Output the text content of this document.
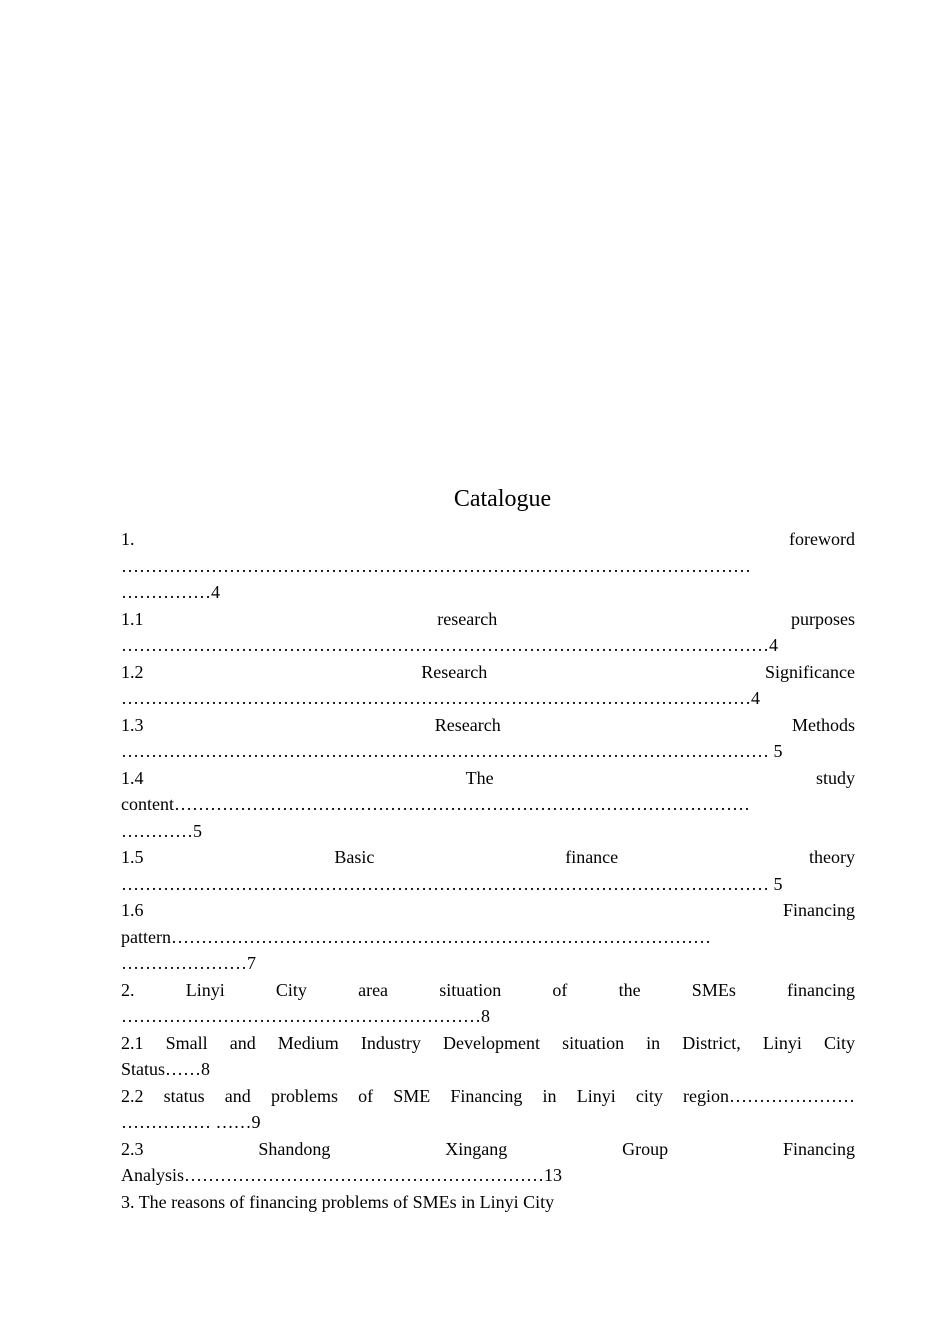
Catalogue
1. foreword
……………………………………………………………………………………………
……………4
1.1 research purposes
………………………………………………………………………………………………4
1.2 Research Significance
……………………………………………………………………………………………4
1.3 Research Methods
……………………………………………………………………………………………… 5
1.4 The study
content……………………………………………………………………………………
…………5
1.5 Basic finance theory
……………………………………………………………………………………………… 5
1.6 Financing
pattern………………………………………………………………………………
…………………7
2. Linyi City area situation of the SMEs financing
……………………………………………………8
2.1 Small and Medium Industry Development situation in District, Linyi City
Status……8
2.2 status and problems of SME Financing in Linyi city region…………………
…………… ……9
2.3 Shandong Xingang Group Financing
Analysis……………………………………………………13
3. The reasons of financing problems of SMEs in Linyi City
